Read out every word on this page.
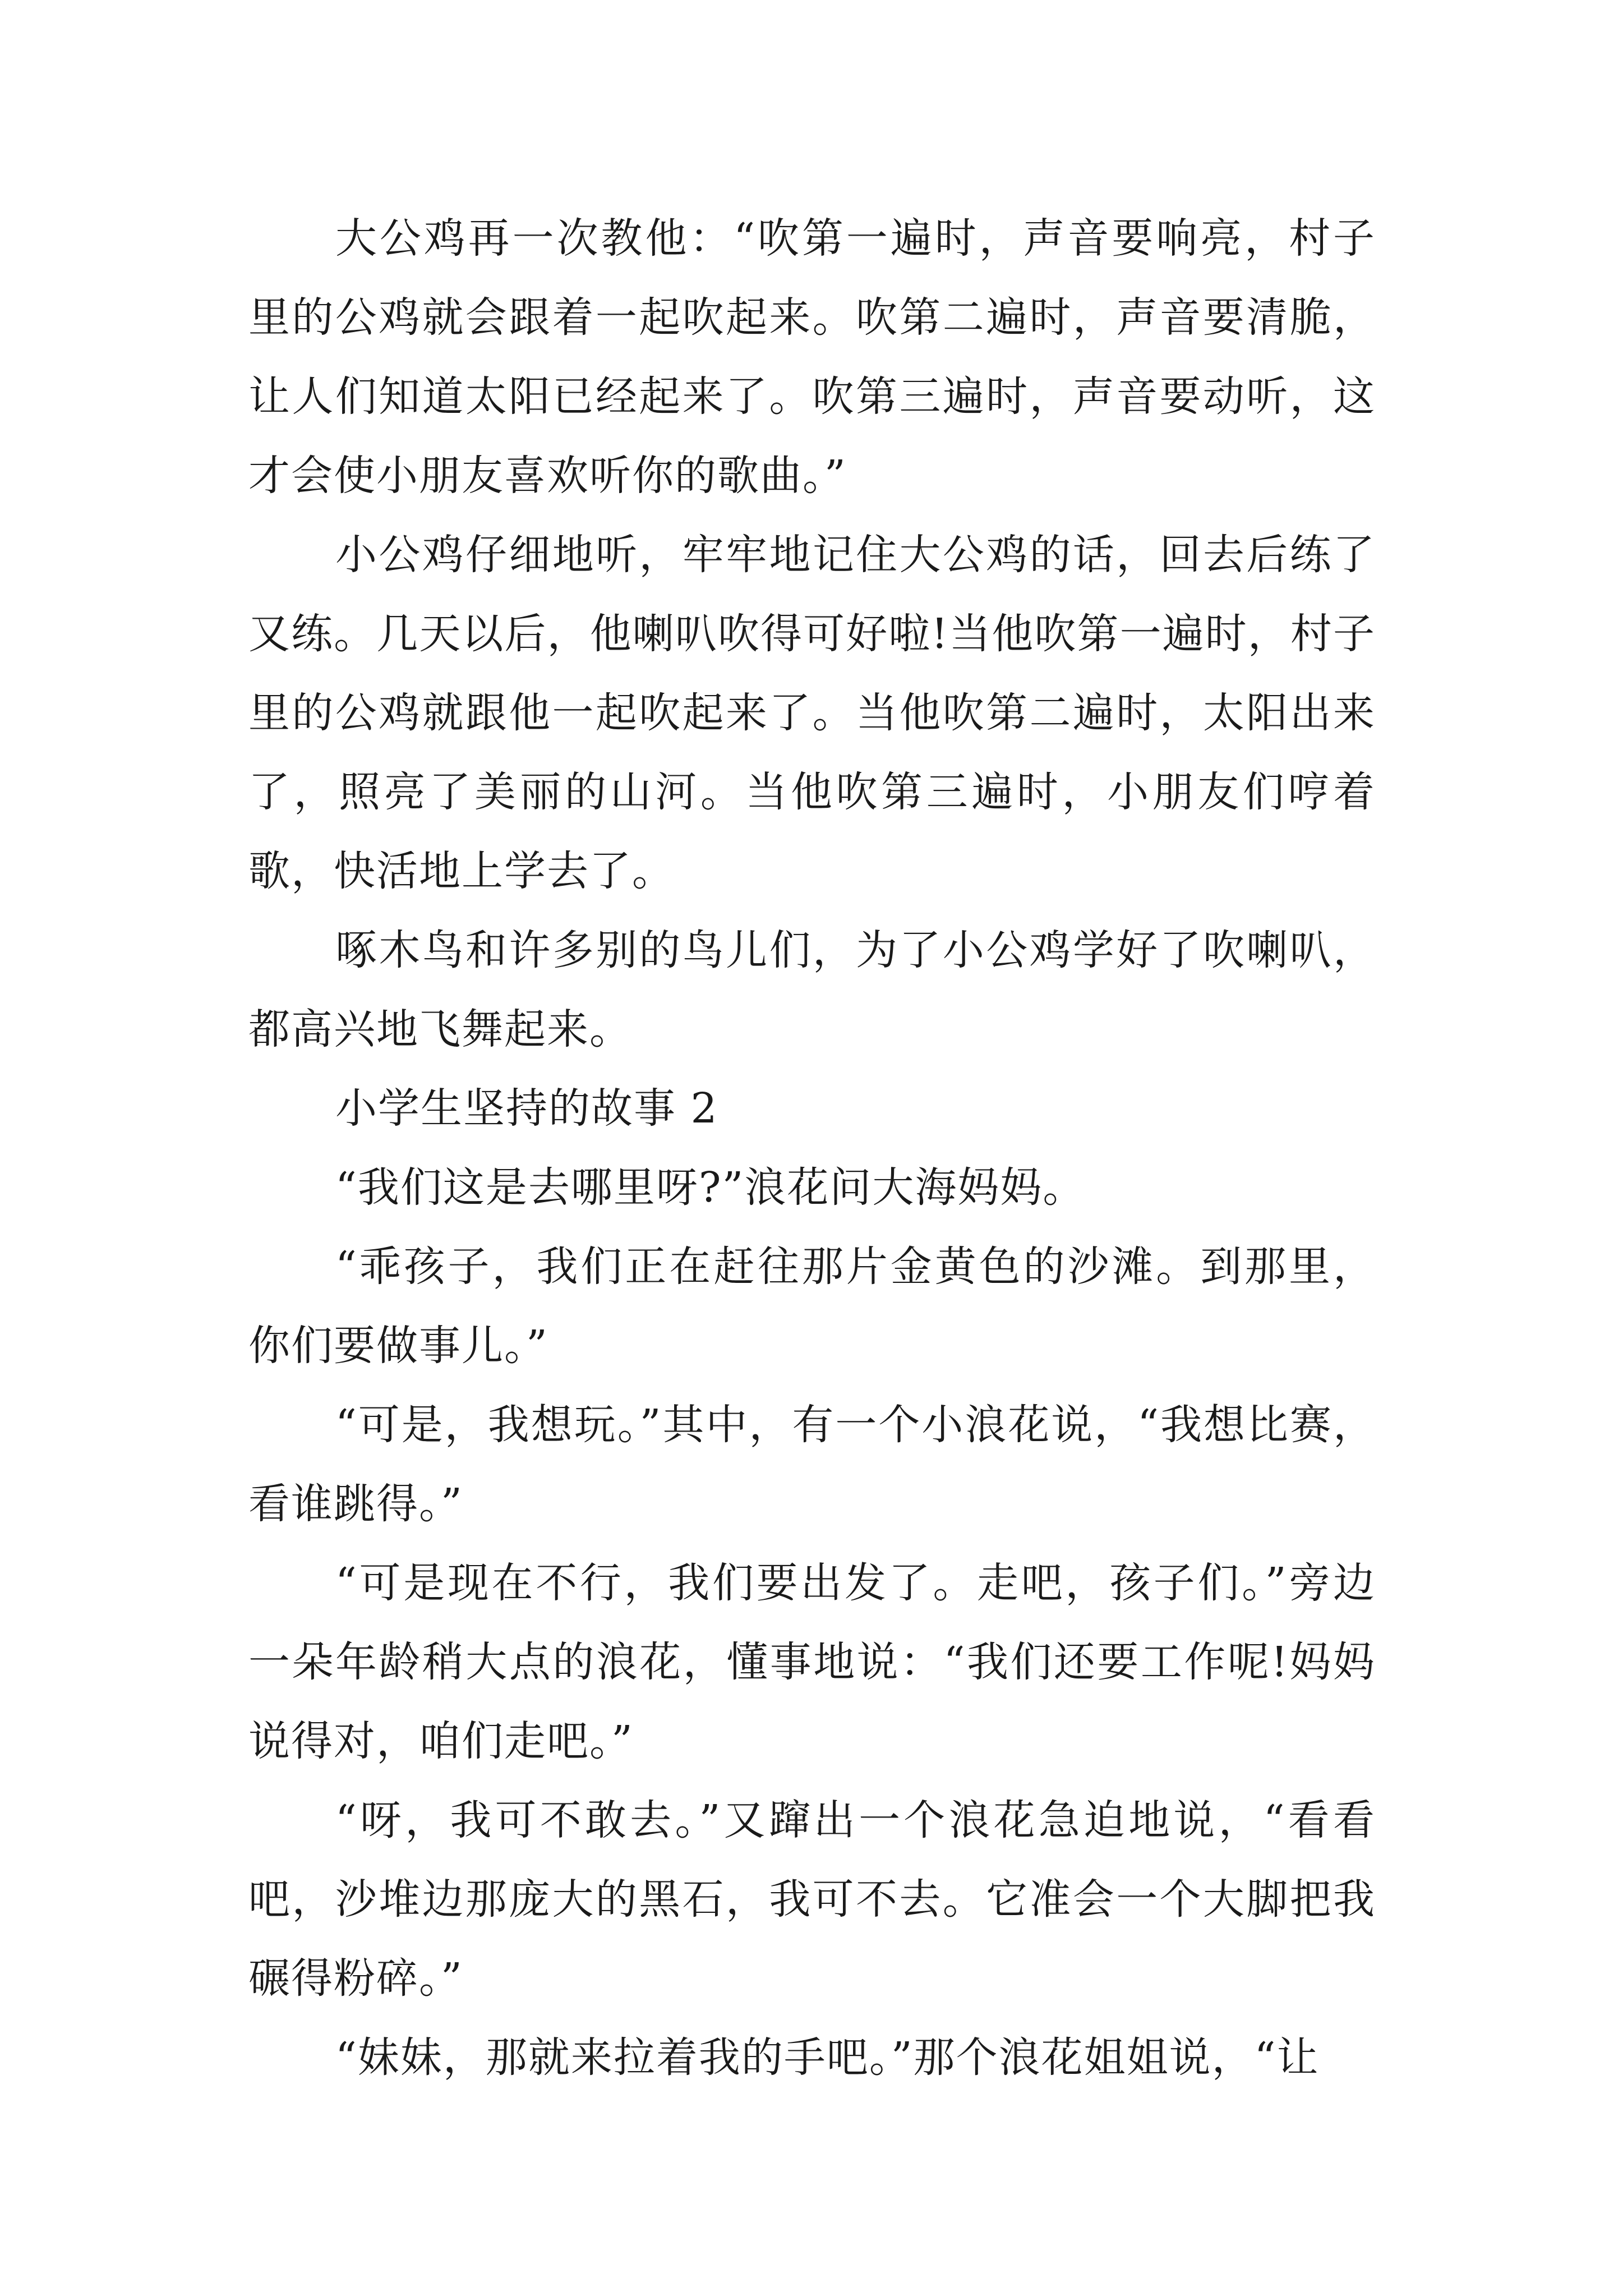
大公鸡再一次教他：“吹第一遍时，声音要响亮，村子里的公鸡就会跟着一起吹起来。吹第二遍时，声音要清脆，让人们知道太阳已经起来了。吹第三遍时，声音要动听，这才会使小朋友喜欢听你的歌曲。”

小公鸡仔细地听，牢牢地记住大公鸡的话，回去后练了又练。几天以后，他喇叭吹得可好啦!当他吹第一遍时，村子里的公鸡就跟他一起吹起来了。当他吹第二遍时，太阳出来了，照亮了美丽的山河。当他吹第三遍时，小朋友们哼着歌，快活地上学去了。

啄木鸟和许多别的鸟儿们，为了小公鸡学好了吹喇叭，都高兴地飞舞起来。

小学生坚持的故事 2

“我们这是去哪里呀?”浪花问大海妈妈。

“乖孩子，我们正在赶往那片金黄色的沙滩。到那里，你们要做事儿。”

“可是，我想玩。”其中，有一个小浪花说，“我想比赛，看谁跳得。”

“可是现在不行，我们要出发了。走吧，孩子们。”旁边一朵年龄稍大点的浪花，懂事地说：“我们还要工作呢!妈妈说得对，咱们走吧。”

“呀，我可不敢去。”又蹿出一个浪花急迫地说，“看看吧，沙堆边那庞大的黑石，我可不去。它准会一个大脚把我碾得粉碎。”

“妹妹，那就来拉着我的手吧。”那个浪花姐姐说，“让
